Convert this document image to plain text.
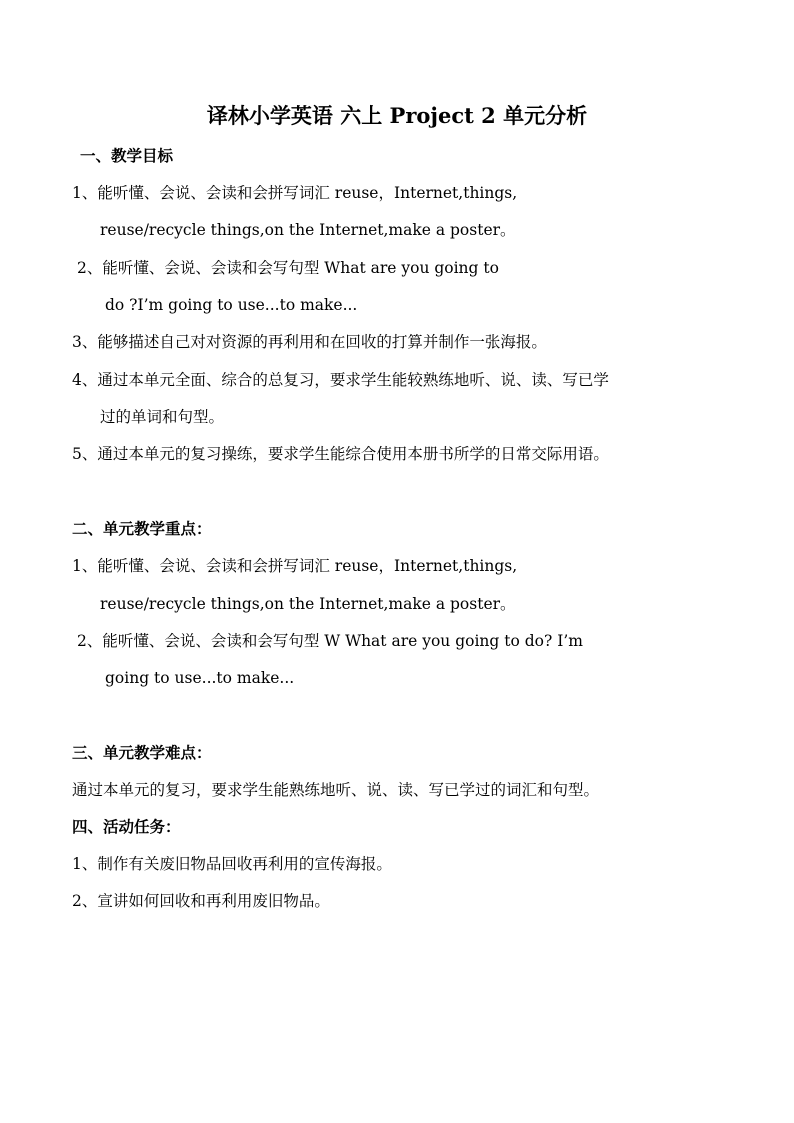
译林小学英语 六上 Project 2 单元分析
一、教学目标
1、能听懂、会说、会读和会拼写词汇 reuse，Internet,things,
reuse/recycle things,on the Internet,make a poster。
2、能听懂、会说、会读和会写句型 What are you going to
do ?I’m going to use...to make...
3、能够描述自己对对资源的再利用和在回收的打算并制作一张海报。
4、通过本单元全面、综合的总复习，要求学生能较熟练地听、说、读、写已学
过的单词和句型。
5、通过本单元的复习操练，要求学生能综合使用本册书所学的日常交际用语。
二、单元教学重点：
1、能听懂、会说、会读和会拼写词汇 reuse，Internet,things,
reuse/recycle things,on the Internet,make a poster。
2、能听懂、会说、会读和会写句型 W What are you going to do? I’m
going to use...to make...
三、单元教学难点：
通过本单元的复习，要求学生能熟练地听、说、读、写已学过的词汇和句型。
四、活动任务：
1、制作有关废旧物品回收再利用的宣传海报。
2、宣讲如何回收和再利用废旧物品。
